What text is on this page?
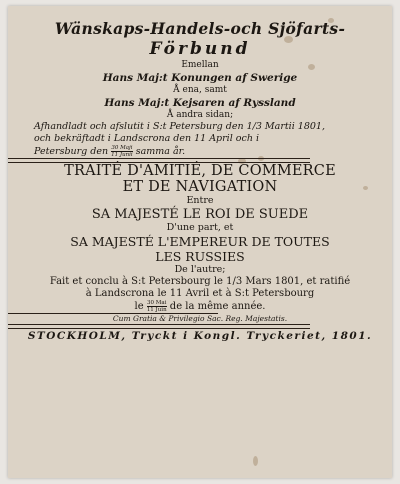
Wänskaps-Handels-och Sjöfarts-
Förbund
Emellan
Hans Maj:t Konungen af Swerige
Å ena, samt
Hans Maj:t Kejsaren af Ryssland
Å andra sidan;
Afhandladt och afslutit i S:t Petersburg den 1/3 Martii 1801,
och bekräftadt i Landscrona den 11 April och i
Petersburg den $\frac{\text{30 Maji}}{\text{11 Junii}}$ samma år.
TRAITÉ D'AMITIÉ, DE COMMERCE
ET DE NAVIGATION
Entre
SA MAJESTÉ LE ROI DE SUEDE
D'une part, et
SA MAJESTÉ L'EMPEREUR DE TOUTES
LES RUSSIES
De l'autre;
Fait et conclu à S:t Petersbourg le 1/3 Mars 1801, et ratifié
à Landscrona le 11 Avril et à S:t Petersbourg
le $\frac{\text{30 Mai}}{\text{11 Juin}}$ de la même année.
Cum Gratia & Privilegio Sac. Reg. Majestatis.
STOCKHOLM, Tryckt i Kongl. Tryckeriet, 1801.
